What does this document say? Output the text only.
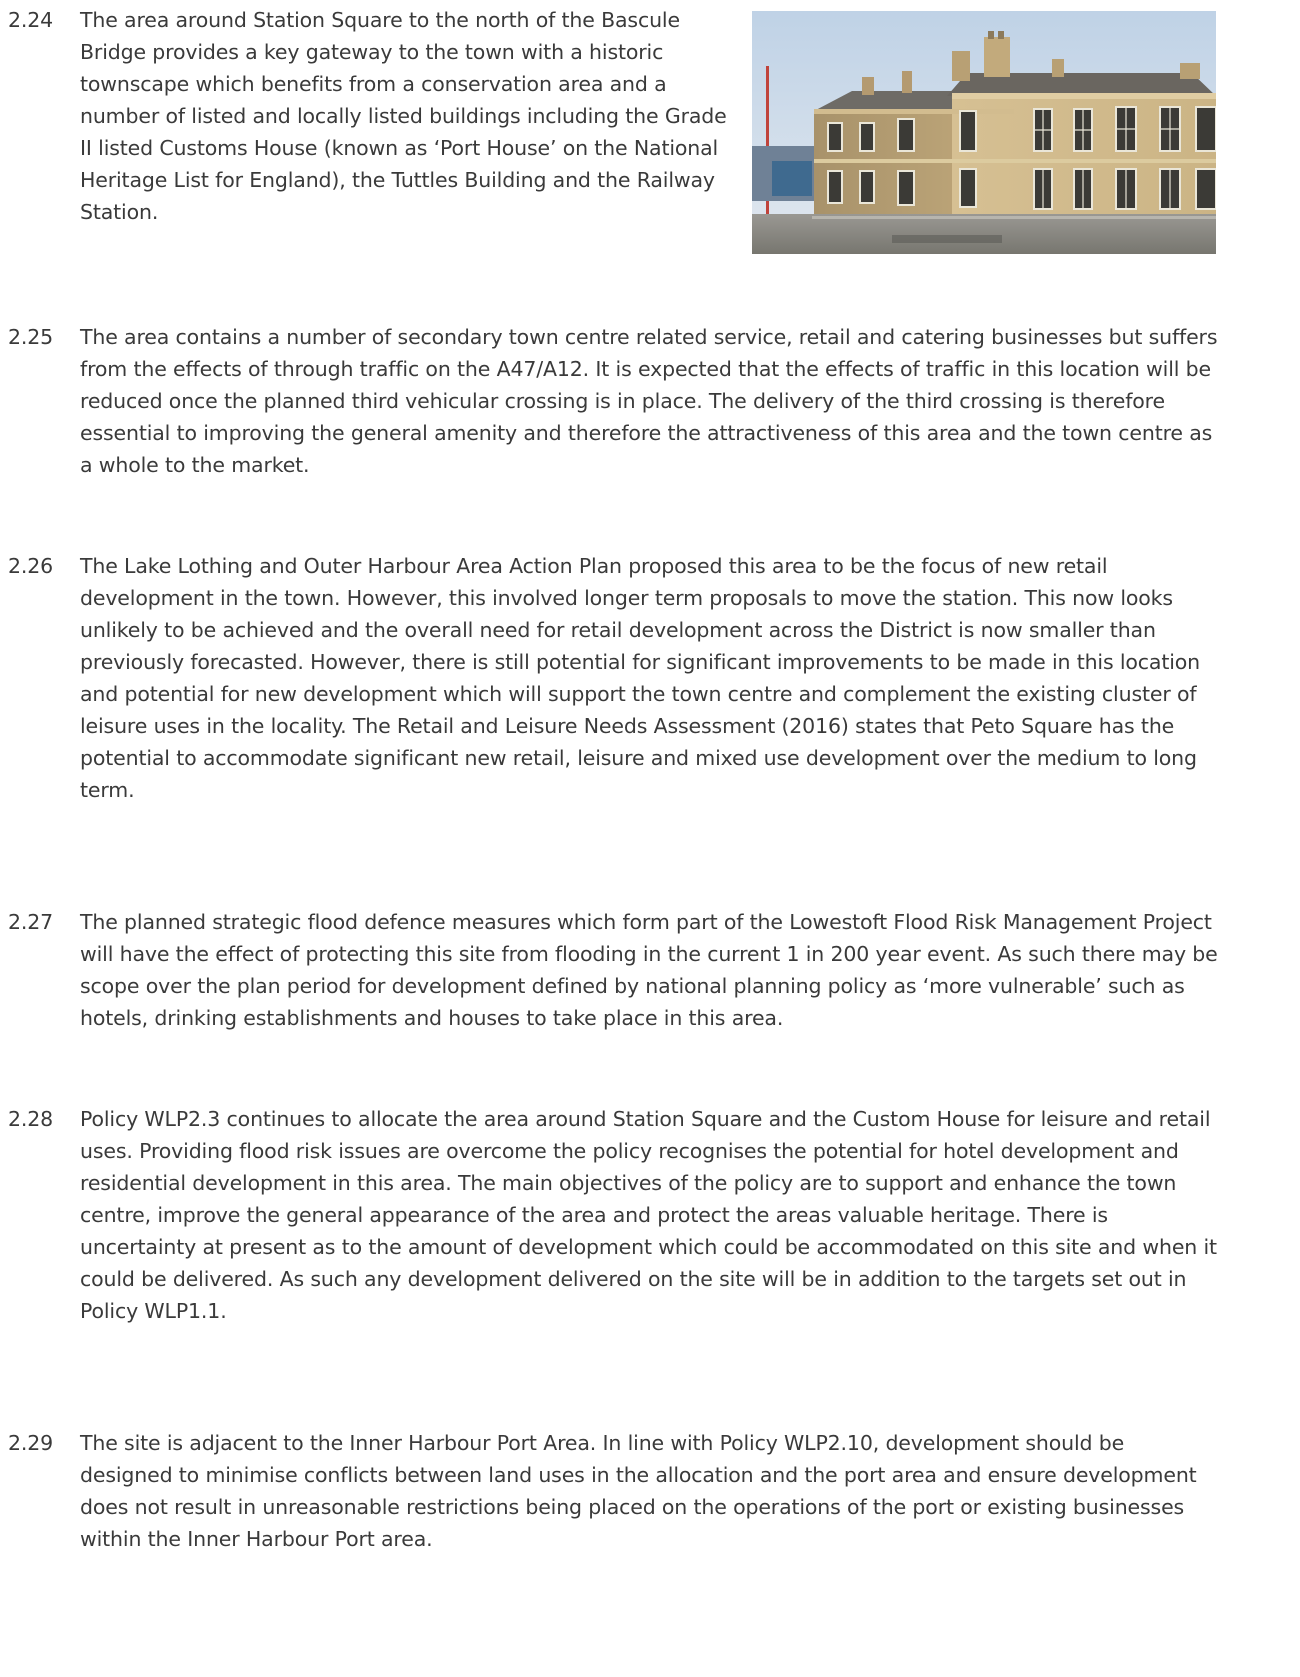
2.24	The area around Station Square to the north of the Bascule Bridge provides a key gateway to the town with a historic townscape which benefits from a conservation area and a number of listed and locally listed buildings including the Grade II listed Customs House (known as ‘Port House’ on the National Heritage List for England), the Tuttles Building and the Railway Station.

2.25	The area contains a number of secondary town centre related service, retail and catering businesses but suffers from the effects of through traffic on the A47/A12. It is expected that the effects of traffic in this location will be reduced once the planned third vehicular crossing is in place. The delivery of the third crossing is therefore essential to improving the general amenity and therefore the attractiveness of this area and the town centre as a whole to the market.

2.26	The Lake Lothing and Outer Harbour Area Action Plan proposed this area to be the focus of new retail development in the town. However, this involved longer term proposals to move the station. This now looks unlikely to be achieved and the overall need for retail development across the District is now smaller than previously forecasted. However, there is still potential for significant improvements to be made in this location and potential for new development which will support the town centre and complement the existing cluster of leisure uses in the locality. The Retail and Leisure Needs Assessment (2016) states that Peto Square has the potential to accommodate significant new retail, leisure and mixed use development over the medium to long term.

2.27	The planned strategic flood defence measures which form part of the Lowestoft Flood Risk Management Project will have the effect of protecting this site from flooding in the current 1 in 200 year event. As such there may be scope over the plan period for development defined by national planning policy as ‘more vulnerable’ such as hotels, drinking establishments and houses to take place in this area.

2.28	Policy WLP2.3 continues to allocate the area around Station Square and the Custom House for leisure and retail uses. Providing flood risk issues are overcome the policy recognises the potential for hotel development and residential development in this area. The main objectives of the policy are to support and enhance the town centre, improve the general appearance of the area and protect the areas valuable heritage. There is uncertainty at present as to the amount of development which could be accommodated on this site and when it could be delivered. As such any development delivered on the site will be in addition to the targets set out in Policy WLP1.1.

2.29	The site is adjacent to the Inner Harbour Port Area. In line with Policy WLP2.10, development should be designed to minimise conflicts between land uses in the allocation and the port area and ensure development does not result in unreasonable restrictions being placed on the operations of the port or existing businesses within the Inner Harbour Port area.
